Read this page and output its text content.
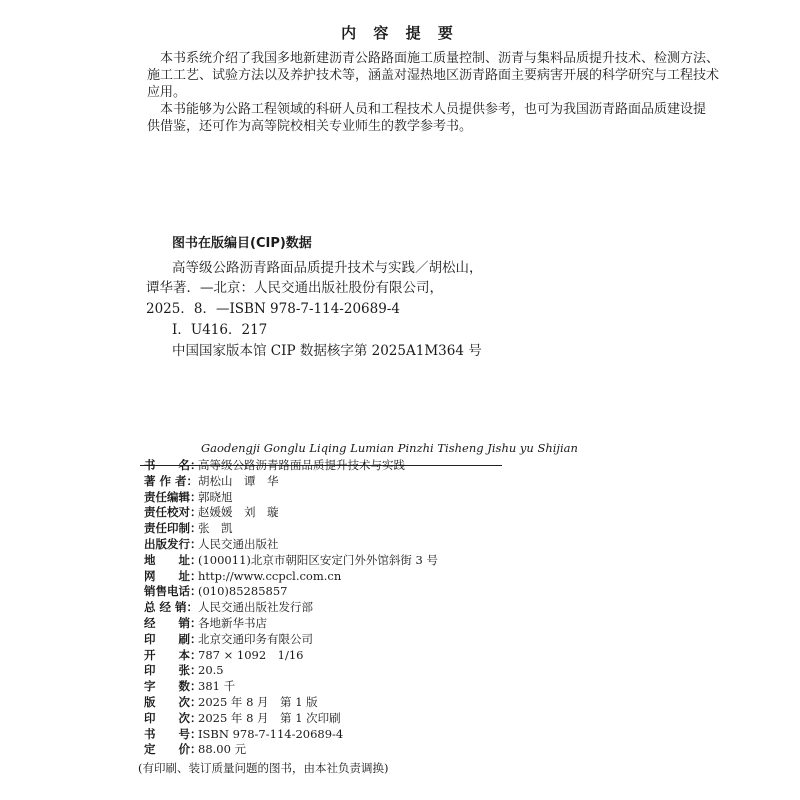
内 容 提 要
本书系统介绍了我国多地新建沥青公路路面施工质量控制、沥青与集料品质提升技术、检测方法、
施工工艺、试验方法以及养护技术等，涵盖对湿热地区沥青路面主要病害开展的科学研究与工程技术
应用。
本书能够为公路工程领域的科研人员和工程技术人员提供参考，也可为我国沥青路面品质建设提
供借鉴，还可作为高等院校相关专业师生的教学参考书。
图书在版编目(CIP)数据
高等级公路沥青路面品质提升技术与实践／胡松山，
谭华著．—北京：人民交通出版社股份有限公司，
2025．8．—ISBN 978-7-114-20689-4
Ⅰ．U416．217
中国国家版本馆 CIP 数据核字第 2025A1M364 号
Gaodengji Gonglu Liqing Lumian Pinzhi Tisheng Jishu yu Shijian
书　　名：高等级公路沥青路面品质提升技术与实践
著 作 者：胡松山　谭　华
责任编辑：郭晓旭
责任校对：赵媛媛　刘　璇
责任印制：张　凯
出版发行：人民交通出版社
地　　址：(100011)北京市朝阳区安定门外外馆斜街 3 号
网　　址：http://www.ccpcl.com.cn
销售电话：(010)85285857
总 经 销：人民交通出版社发行部
经　　销：各地新华书店
印　　刷：北京交通印务有限公司
开　　本：787 × 1092　1/16
印　　张：20.5
字　　数：381 千
版　　次：2025 年 8 月　第 1 版
印　　次：2025 年 8 月　第 1 次印刷
书　　号：ISBN 978-7-114-20689-4
定　　价：88.00 元
(有印刷、装订质量问题的图书，由本社负责调换)
